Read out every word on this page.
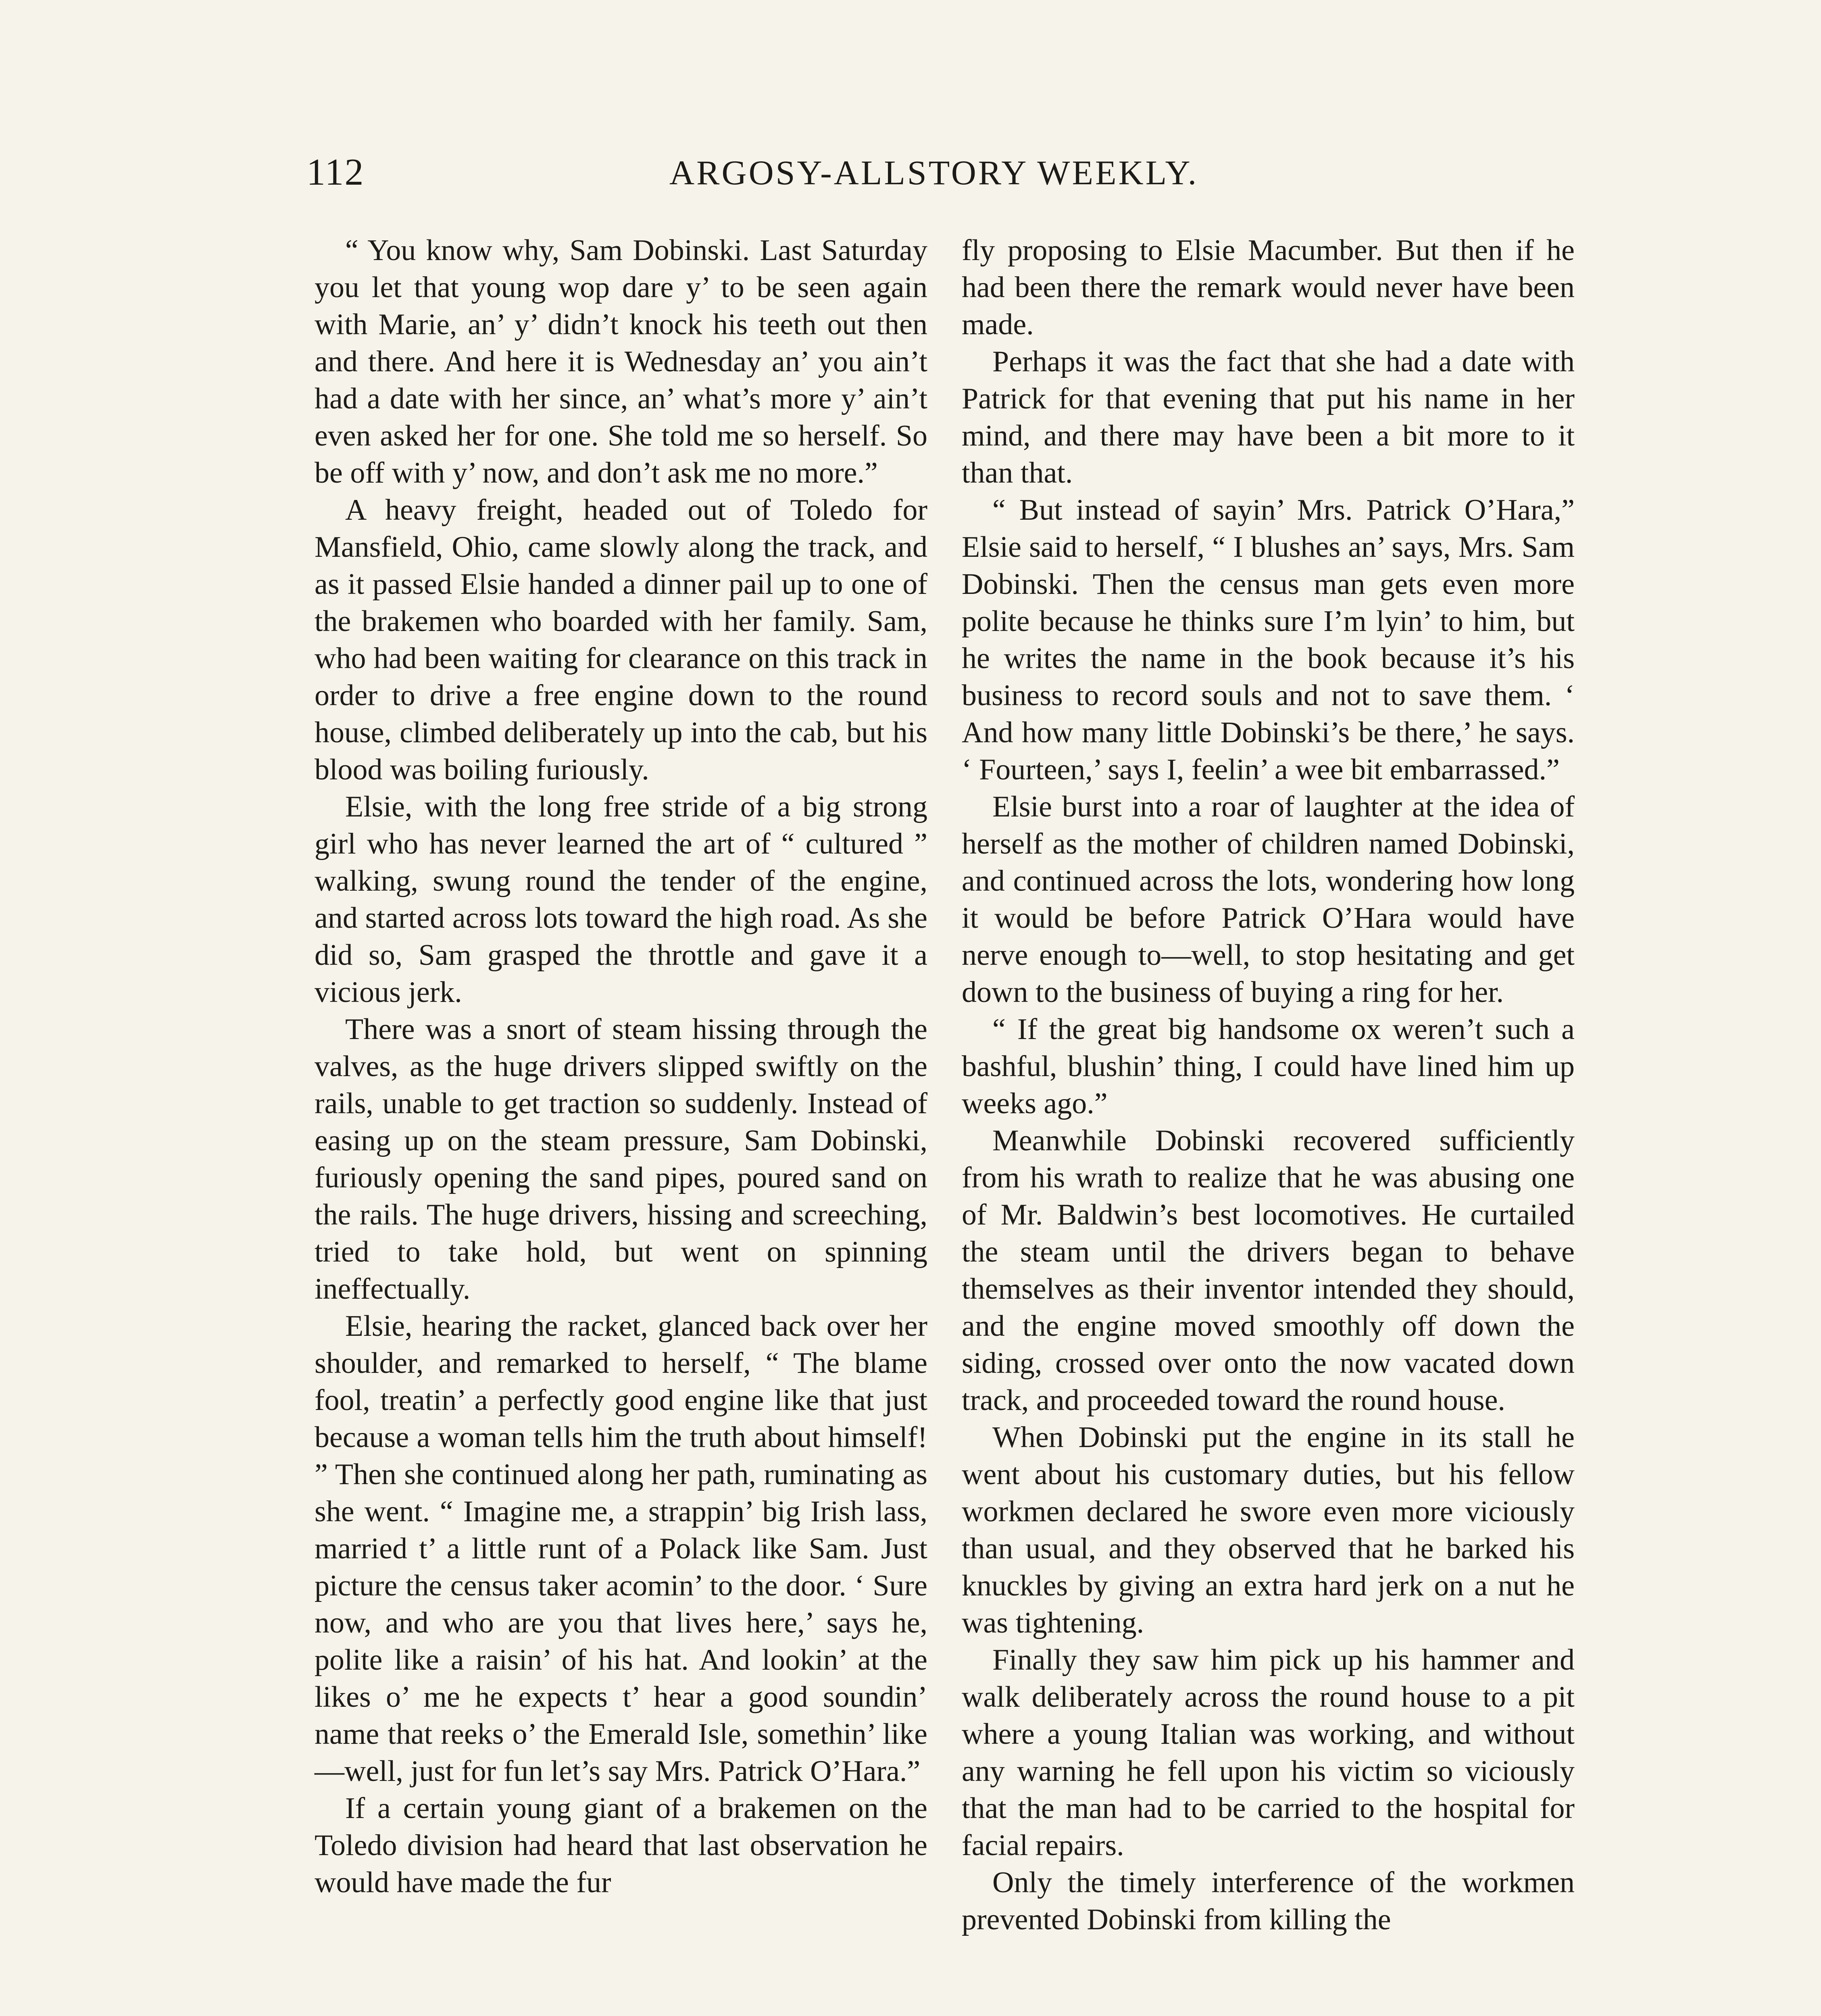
112	ARGOSY-ALLSTORY WEEKLY.

“ You know why, Sam Dobinski. Last Saturday you let that young wop dare y’ to be seen again with Marie, an’ y’ didn’t knock his teeth out then and there. And here it is Wednesday an’ you ain’t had a date with her since, an’ what’s more y’ ain’t even asked her for one. She told me so herself. So be off with y’ now, and don’t ask me no more.”

A heavy freight, headed out of Toledo for Mansfield, Ohio, came slowly along the track, and as it passed Elsie handed a dinner pail up to one of the brakemen who boarded with her family. Sam, who had been waiting for clearance on this track in order to drive a free engine down to the round house, climbed deliberately up into the cab, but his blood was boiling furiously.

Elsie, with the long free stride of a big strong girl who has never learned the art of “ cultured ” walking, swung round the tender of the engine, and started across lots toward the high road. As she did so, Sam grasped the throttle and gave it a vicious jerk.

There was a snort of steam hissing through the valves, as the huge drivers slipped swiftly on the rails, unable to get traction so suddenly. Instead of easing up on the steam pressure, Sam Dobinski, furiously opening the sand pipes, poured sand on the rails. The huge drivers, hissing and screeching, tried to take hold, but went on spinning ineffectually.

Elsie, hearing the racket, glanced back over her shoulder, and remarked to herself, “ The blame fool, treatin’ a perfectly good engine like that just because a woman tells him the truth about himself! ” Then she continued along her path, ruminating as she went. “ Imagine me, a strappin’ big Irish lass, married t’ a little runt of a Polack like Sam. Just picture the census taker acomin’ to the door. ‘ Sure now, and who are you that lives here,’ says he, polite like a raisin’ of his hat. And lookin’ at the likes o’ me he expects t’ hear a good soundin’ name that reeks o’ the Emerald Isle, somethin’ like—well, just for fun let’s say Mrs. Patrick O’Hara.”

If a certain young giant of a brakemen on the Toledo division had heard that last observation he would have made the fur

fly proposing to Elsie Macumber. But then if he had been there the remark would never have been made.

Perhaps it was the fact that she had a date with Patrick for that evening that put his name in her mind, and there may have been a bit more to it than that.

“ But instead of sayin’ Mrs. Patrick O’Hara,” Elsie said to herself, “ I blushes an’ says, Mrs. Sam Dobinski. Then the census man gets even more polite because he thinks sure I’m lyin’ to him, but he writes the name in the book because it’s his business to record souls and not to save them. ‘ And how many little Dobinski’s be there,’ he says. ‘ Fourteen,’ says I, feelin’ a wee bit embarrassed.”

Elsie burst into a roar of laughter at the idea of herself as the mother of children named Dobinski, and continued across the lots, wondering how long it would be before Patrick O’Hara would have nerve enough to—well, to stop hesitating and get down to the business of buying a ring for her.

“ If the great big handsome ox weren’t such a bashful, blushin’ thing, I could have lined him up weeks ago.”

Meanwhile Dobinski recovered sufficiently from his wrath to realize that he was abusing one of Mr. Baldwin’s best locomotives. He curtailed the steam until the drivers began to behave themselves as their inventor intended they should, and the engine moved smoothly off down the siding, crossed over onto the now vacated down track, and proceeded toward the round house.

When Dobinski put the engine in its stall he went about his customary duties, but his fellow workmen declared he swore even more viciously than usual, and they observed that he barked his knuckles by giving an extra hard jerk on a nut he was tightening.

Finally they saw him pick up his hammer and walk deliberately across the round house to a pit where a young Italian was working, and without any warning he fell upon his victim so viciously that the man had to be carried to the hospital for facial repairs.

Only the timely interference of the workmen prevented Dobinski from killing the
